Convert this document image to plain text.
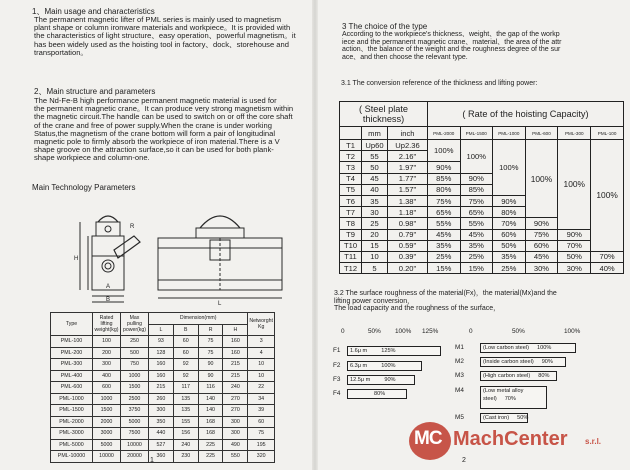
1、Main usage and characteristics
The permanent magnetic lifter of PML series is mainly used to magnetism
plant shape or column ironware materials and workpiece。It is provided with
the characteristics of light structure、easy operation、powerful magnetism。it
has been widely used as the hoisting tool in factory、dock、storehouse and
transportation。
2、Main structure and parameters
The Nd-Fe-B high performance permanent magnetic material is used for
the permanent magnetic crane。It can produce very strong magnetism within
the magnetic circuit.The handle can be used to switch on or off the core shaft
of the crane and free of power supply.When the crane is under working
Status,the magnetism of the crane bottom will form a pair of longitudinal
magnetic pole to firmly absorb the workpiece of iron material.There is a V
shape groove on the attraction surface,so it can be used for both plank-
shape workpiece and column-one.
Main Technology Parameters
H
B
R
A
L
Type	Rated lifting weight(kg)	Max pulling power(kg)	Dimension(mm)				Networght Kg
			L	B	R	H	
PML-100	100	250	93	60	75	160	3
PML-200	200	500	128	60	75	160	4
PML-300	300	750	160	92	90	215	10
PML-400	400	1000	160	92	90	215	10
PML-600	600	1500	215	117	116	240	22
PML-1000	1000	2500	260	135	140	270	34
PML-1500	1500	3750	300	135	140	270	39
PML-2000	2000	5000	350	155	168	300	60
PML-3000	3000	7500	440	156	168	300	75
PML-5000	5000	10000	527	240	225	490	195
PML-10000	10000	20000	360	230	225	550	320
1
3 The choice of the type
According to the workpiece's thickness、weight、the gap of the workp
iece and the permanent magnetic crane、material、the area of the attr
action、the balance of the weight and the roughness degree of the sur
ace、and then choose the relevant type.
3.1 The conversion reference of the thickness and lifting power:
( Steel plate thickness)			( Rate of the hoisting Capacity)					
	mm	inch	PML-2000	PML-1500	PML-1000	PML-600	PML-300	PML-100
T1	Up60	Up2.36	100%	100%	100%	100%	100%	100%
T2	55	2.16"						
T3	50	1.97"	90%					
T4	45	1.77"	85%	90%				
T5	40	1.57"	80%	85%				
T6	35	1.38"	75%	75%	90%			
T7	30	1.18"	65%	65%	80%			
T8	25	0.98"	55%	55%	70%	90%		
T9	20	0.79"	45%	45%	60%	75%	90%	
T10	15	0.59"	35%	35%	50%	60%	70%	
T11	10	0.39"	25%	25%	35%	45%	50%	70%
T12	5	0.20"	15%	15%	25%	30%	30%	40%
3.2 The surface roughness of the material(Fx)，the material(Mx)and the
lifting power conversion，
The load capacity and the roughness of the surface，
0	50% 100% 125%
F1	1.6μ m	125%
F2	6.3μ m	100%
F3	12.5μ m	90%
F4	80%
0	50%	100%
M1	(Low carbon steel) 100%
M2	(Inside carbon steel) 90%
M3	(High carbon steel) 80%
M4	(Low metal alloy
steel) 70%
M5	(Cast iron) 50%
MC MachCenter s.r.l.
2
